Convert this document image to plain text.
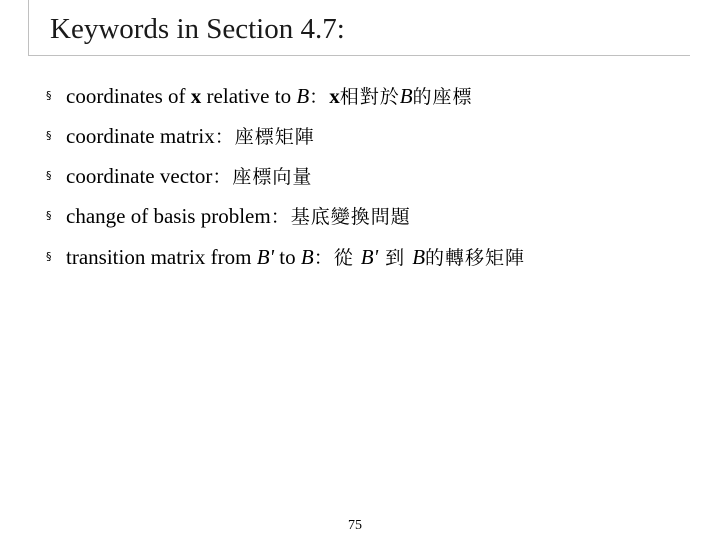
Keywords in Section 4.7:
§ coordinates of x relative to B：x相對於B的座標
§ coordinate matrix：座標矩陣
§ coordinate vector：座標向量
§ change of basis problem：基底變換問題
§ transition matrix from B' to B：從 B' 到 B的轉移矩陣
75
